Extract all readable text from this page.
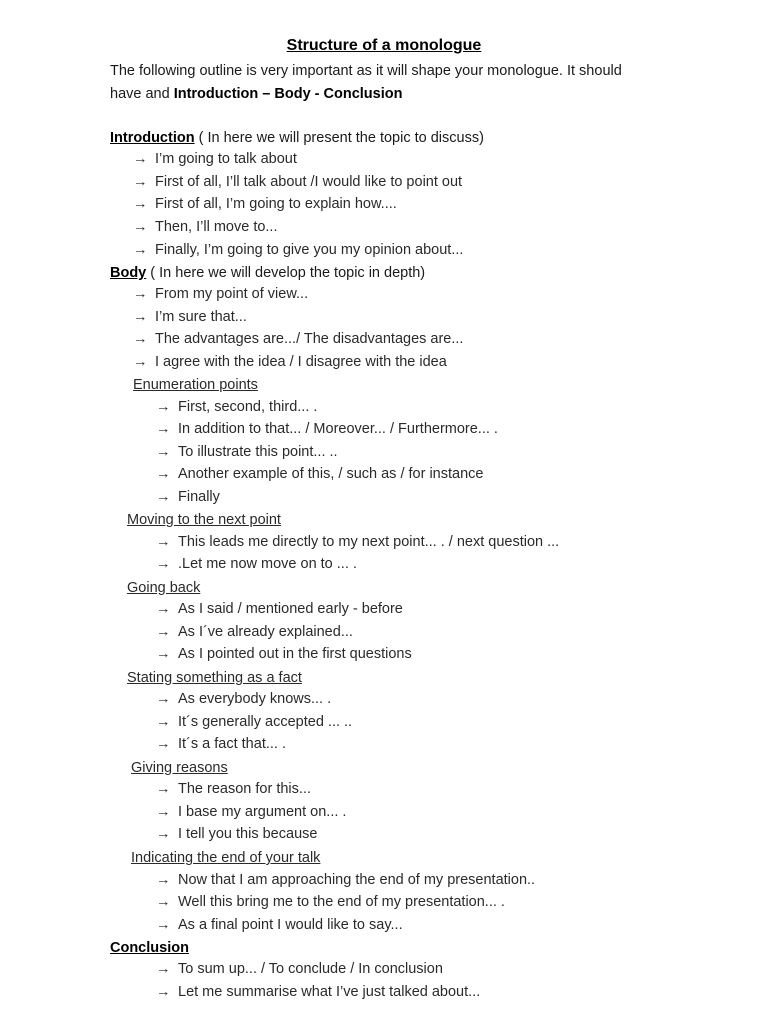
Structure of a monologue
The following outline is very important as it will shape your monologue. It should
have and Introduction – Body - Conclusion
Introduction ( In here we will present the topic to discuss)
→ I’m going to talk about
→ First of all, I’ll talk about /I would like to point out
→ First of all, I’m going to explain how....
→ Then, I’ll move to...
→ Finally, I’m going to give you my opinion about...
Body ( In here we will develop the topic in depth)
→ From my point of view...
→ I’m sure that...
→ The advantages are.../ The disadvantages are...
→ I agree with the idea / I disagree with the idea
Enumeration points
→ First, second, third... .
→ In addition to that... / Moreover... / Furthermore... .
→ To illustrate this point... ..
→ Another example of this, / such as / for instance
→ Finally
Moving to the next point
→ This leads me directly to my next point... . / next question ...
→ .Let me now move on to ... .
Going back
→ As I said / mentioned early - before
→ As I´ve already explained...
→ As I pointed out in the first questions
Stating something as a fact
→ As everybody knows... .
→ It´s generally accepted ... ..
→ It´s a fact that... .
Giving reasons
→ The reason for this...
→ I base my argument on... .
→ I tell you this because
Indicating the end of your talk
→ Now that I am approaching the end of my presentation..
→ Well this bring me to the end of my presentation... .
→ As a final point I would like to say...
Conclusion
→ To sum up... / To conclude / In conclusion
→ Let me summarise what I’ve just talked about...
